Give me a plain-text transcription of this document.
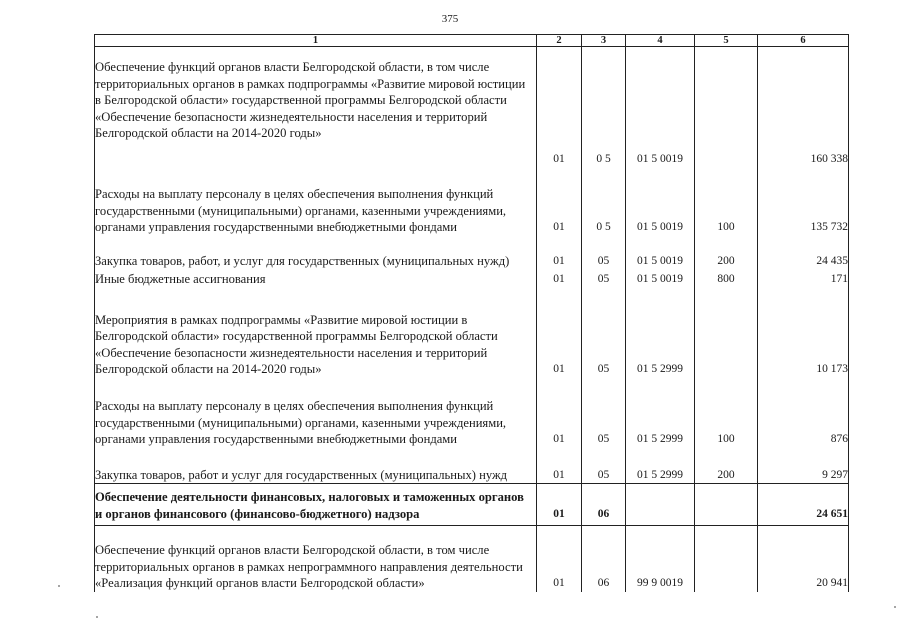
375
1	2	3	4	5	6
Обеспечение функций органов власти Белгородской области, в том числе территориальных органов в рамках подпрограммы «Развитие мировой юстиции в Белгородской области» государственной программы Белгородской области «Обеспечение безопасности жизнедеятельности населения и территорий Белгородской области на 2014-2020 годы»	01	0 5	01 5 0019		160 338
Расходы на выплату персоналу в целях обеспечения выполнения функций государственными (муниципальными) органами, казенными учреждениями, органами управления государственными внебюджетными фондами	01	0 5	01 5 0019	100	135 732
Закупка товаров, работ, и услуг для государственных (муниципальных нужд)	01	05	01 5 0019	200	24 435
Иные бюджетные ассигнования	01	05	01 5 0019	800	171
Мероприятия в рамках подпрограммы «Развитие мировой юстиции в Белгородской области» государственной программы Белгородской области «Обеспечение безопасности жизнедеятельности населения и территорий Белгородской области на 2014-2020 годы»	01	05	01 5 2999		10 173
Расходы на выплату персоналу в целях обеспечения выполнения функций государственными (муниципальными) органами, казенными учреждениями, органами управления государственными внебюджетными фондами	01	05	01 5 2999	100	876
Закупка товаров, работ и услуг для государственных (муниципальных) нужд	01	05	01 5 2999	200	9 297
Обеспечение деятельности финансовых, налоговых и таможенных органов и органов финансового (финансово-бюджетного) надзора	01	06			24 651
Обеспечение функций органов власти Белгородской области, в том числе территориальных органов в рамках непрограммного направления деятельности «Реализация функций органов власти Белгородской области»	01	06	99 9 0019		20 941
